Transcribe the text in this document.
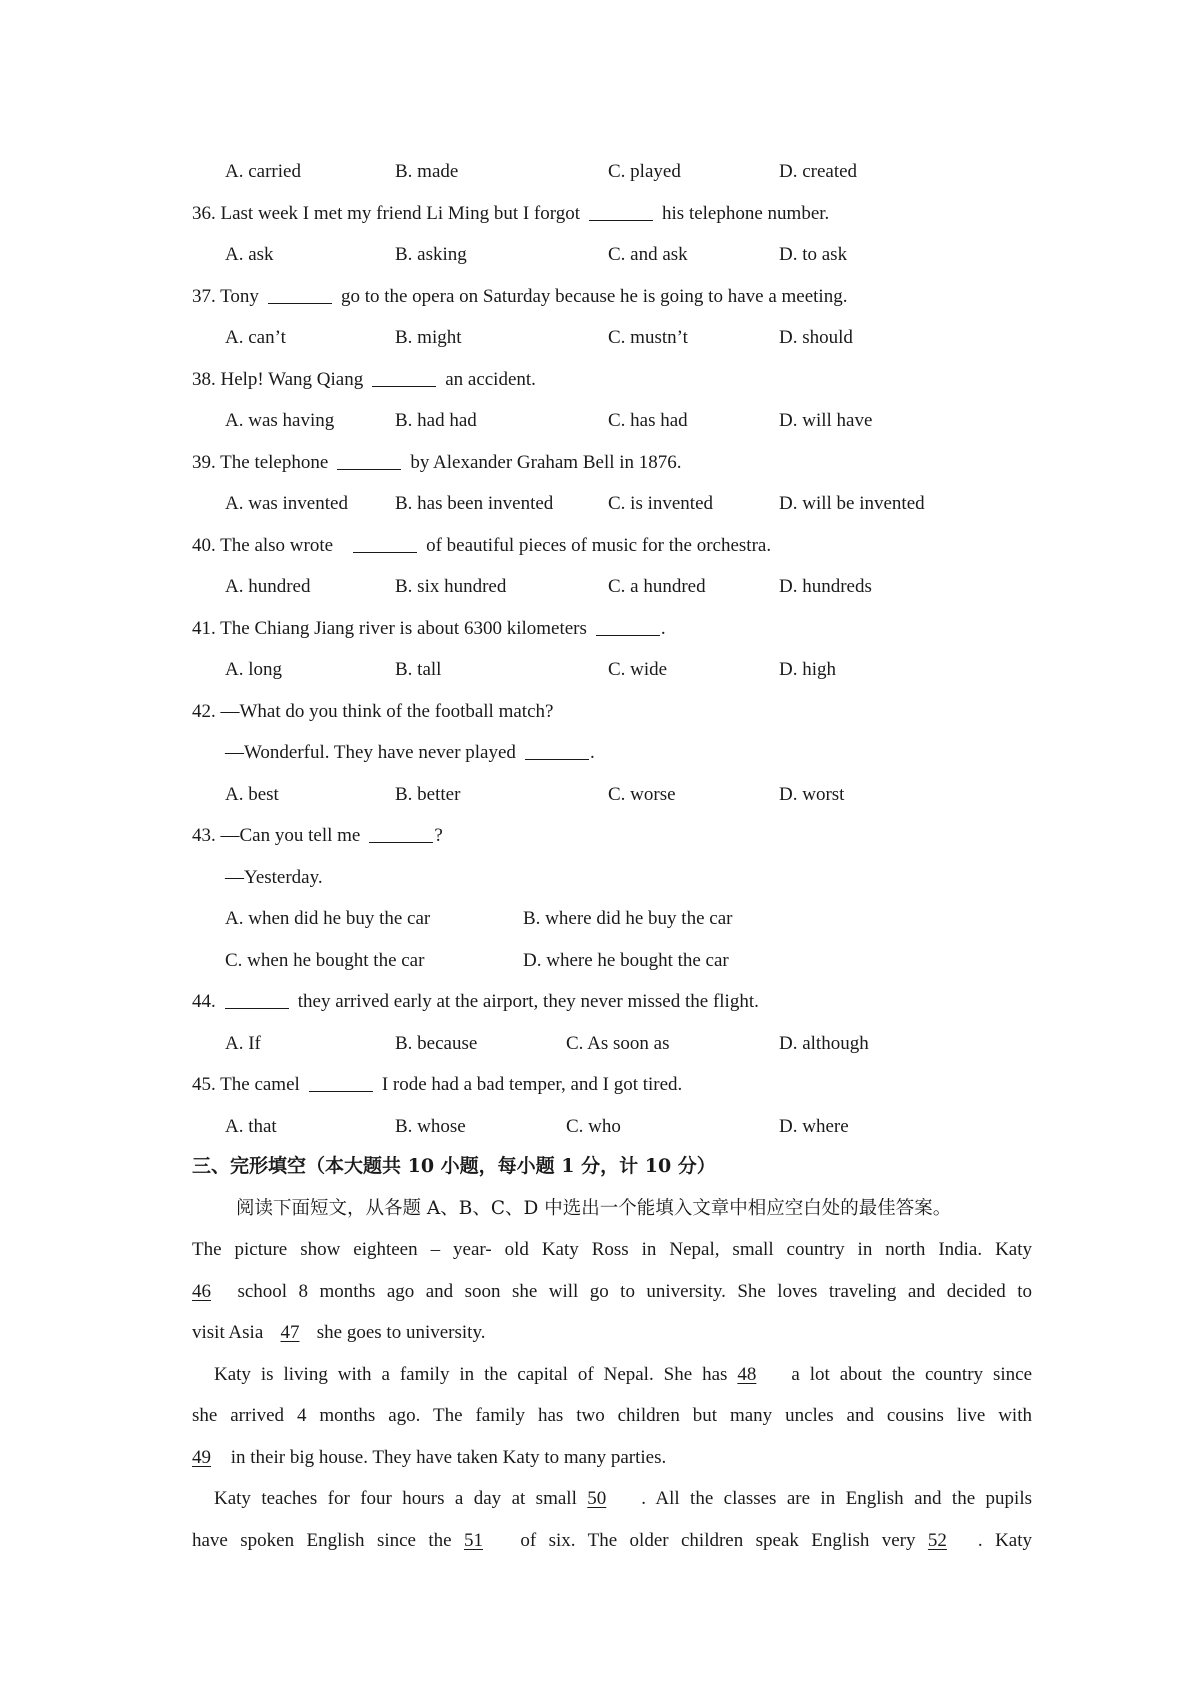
A. carried	B. made	C. played	D. created
36. Last week I met my friend Li Ming but I forgot	his telephone number.
A. ask	B. asking	C. and ask	D. to ask
37. Tony	go to the opera on Saturday because he is going to have a meeting.
A. can’t	B. might	C. mustn’t	D. should
38. Help! Wang Qiang	an accident.
A. was having	B. had had	C. has had	D. will have
39. The telephone	by Alexander Graham Bell in 1876.
A. was invented B. has been invented	C. is invented	D. will be invented
40. The also wrote	of beautiful pieces of music for the orchestra.
A. hundred	B. six hundred	C. a hundred	D. hundreds
41. The Chiang Jiang river is about 6300 kilometers	.
A. long	B. tall	C. wide	D. high
42. —What do you think of the football match?
—Wonderful. They have never played	.
A. best	B. better	C. worse	D. worst
43. —Can you tell me	?
—Yesterday.
A. when did he buy the car	B. where did he buy the car
C. when he bought the car	D. where he bought the car
44.	they arrived early at the airport, they never missed the flight.
A. If	B. because	C. As soon as	D. although
45. The camel	I rode had a bad temper, and I got tired.
A. that	B. whose	C. who	D. where
三、完形填空（本大题共 10 小题，每小题 1 分，计 10 分）
阅读下面短文，从各题 A、B、C、D 中选出一个能填入文章中相应空白处的最佳答案。
The picture show eighteen – year- old Katy Ross in Nepal, small country in north India. Katy
46 school 8 months ago and soon she will go to university. She loves traveling and decided to
visit Asia 47 she goes to university.
Katy is living with a family in the capital of Nepal. She has 48 a lot about the country since
she arrived 4 months ago. The family has two children but many uncles and cousins live with
49 in their big house. They have taken Katy to many parties.
Katy teaches for four hours a day at small 50 . All the classes are in English and the pupils
have spoken English since the 51 of six. The older children speak English very 52 . Katy
